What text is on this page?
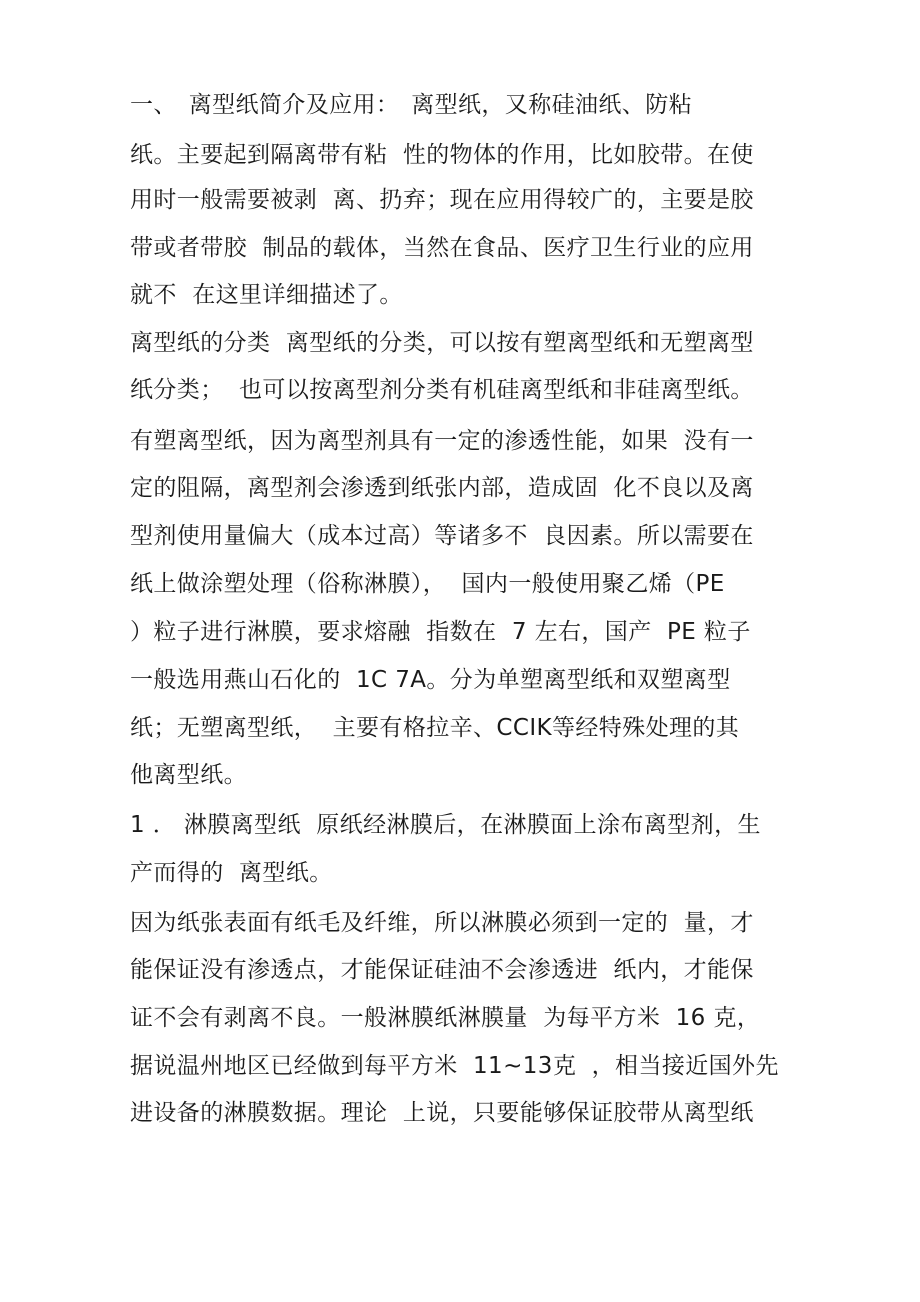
一、　离型纸简介及应用：　离型纸，又称硅油纸、防粘
纸。主要起到隔离带有粘  性的物体的作用，比如胶带。在使
用时一般需要被剥  离、扔弃；现在应用得较广的，主要是胶
带或者带胶  制品的载体，当然在食品、医疗卫生行业的应用
就不  在这里详细描述了。
离型纸的分类  离型纸的分类，可以按有塑离型纸和无塑离型
纸分类；  也可以按离型剂分类有机硅离型纸和非硅离型纸。
有塑离型纸，因为离型剂具有一定的渗透性能，如果  没有一
定的阻隔，离型剂会渗透到纸张内部，造成固  化不良以及离
型剂使用量偏大（成本过高）等诸多不  良因素。所以需要在
纸上做涂塑处理（俗称淋膜），  国内一般使用聚乙烯（PE
）粒子进行淋膜，要求熔融  指数在  7 左右，国产  PE 粒子
一般选用燕山石化的  1C 7A。分为单塑离型纸和双塑离型
纸；无塑离型纸，  主要有格拉辛、CCIK等经特殊处理的其
他离型纸。
1 ． 淋膜离型纸  原纸经淋膜后，在淋膜面上涂布离型剂，生
产而得的  离型纸。
因为纸张表面有纸毛及纤维，所以淋膜必须到一定的  量，才
能保证没有渗透点，才能保证硅油不会渗透进  纸内，才能保
证不会有剥离不良。一般淋膜纸淋膜量  为每平方米  16 克，
据说温州地区已经做到每平方米  11~13克  ，相当接近国外先
进设备的淋膜数据。理论  上说，只要能够保证胶带从离型纸
